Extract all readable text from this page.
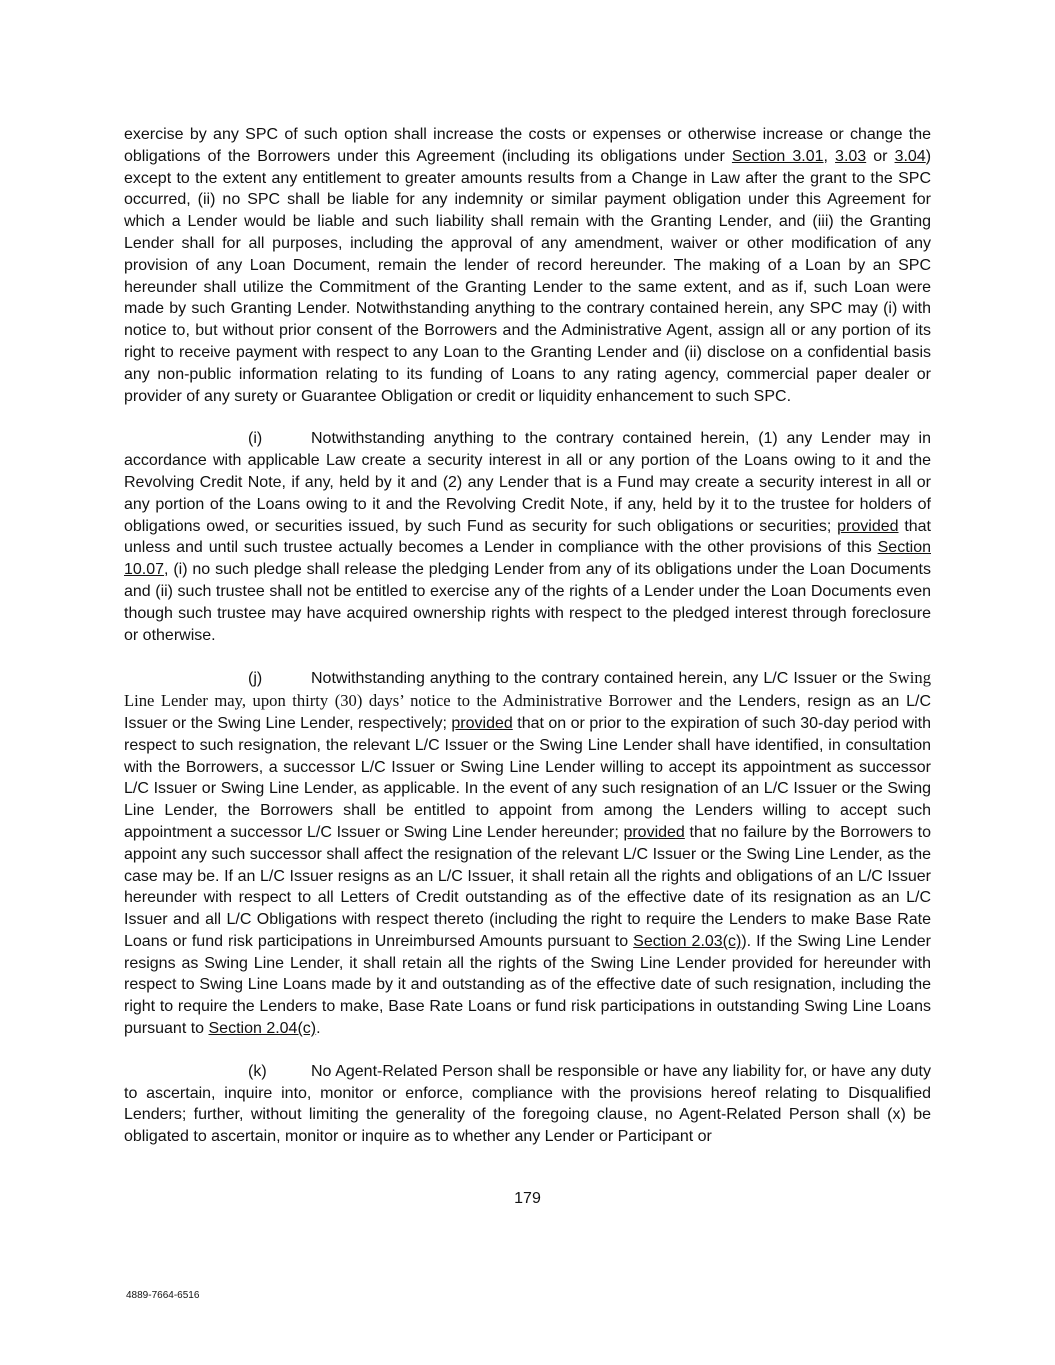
exercise by any SPC of such option shall increase the costs or expenses or otherwise increase or change the obligations of the Borrowers under this Agreement (including its obligations under Section 3.01, 3.03 or 3.04) except to the extent any entitlement to greater amounts results from a Change in Law after the grant to the SPC occurred, (ii) no SPC shall be liable for any indemnity or similar payment obligation under this Agreement for which a Lender would be liable and such liability shall remain with the Granting Lender, and (iii) the Granting Lender shall for all purposes, including the approval of any amendment, waiver or other modification of any provision of any Loan Document, remain the lender of record hereunder. The making of a Loan by an SPC hereunder shall utilize the Commitment of the Granting Lender to the same extent, and as if, such Loan were made by such Granting Lender. Notwithstanding anything to the contrary contained herein, any SPC may (i) with notice to, but without prior consent of the Borrowers and the Administrative Agent, assign all or any portion of its right to receive payment with respect to any Loan to the Granting Lender and (ii) disclose on a confidential basis any non-public information relating to its funding of Loans to any rating agency, commercial paper dealer or provider of any surety or Guarantee Obligation or credit or liquidity enhancement to such SPC.

(i)	Notwithstanding anything to the contrary contained herein, (1) any Lender may in accordance with applicable Law create a security interest in all or any portion of the Loans owing to it and the Revolving Credit Note, if any, held by it and (2) any Lender that is a Fund may create a security interest in all or any portion of the Loans owing to it and the Revolving Credit Note, if any, held by it to the trustee for holders of obligations owed, or securities issued, by such Fund as security for such obligations or securities; provided that unless and until such trustee actually becomes a Lender in compliance with the other provisions of this Section 10.07, (i) no such pledge shall release the pledging Lender from any of its obligations under the Loan Documents and (ii) such trustee shall not be entitled to exercise any of the rights of a Lender under the Loan Documents even though such trustee may have acquired ownership rights with respect to the pledged interest through foreclosure or otherwise.

(j)	Notwithstanding anything to the contrary contained herein, any L/C Issuer or the Swing Line Lender may, upon thirty (30) days’ notice to the Administrative Borrower and the Lenders, resign as an L/C Issuer or the Swing Line Lender, respectively; provided that on or prior to the expiration of such 30-day period with respect to such resignation, the relevant L/C Issuer or the Swing Line Lender shall have identified, in consultation with the Borrowers, a successor L/C Issuer or Swing Line Lender willing to accept its appointment as successor L/C Issuer or Swing Line Lender, as applicable. In the event of any such resignation of an L/C Issuer or the Swing Line Lender, the Borrowers shall be entitled to appoint from among the Lenders willing to accept such appointment a successor L/C Issuer or Swing Line Lender hereunder; provided that no failure by the Borrowers to appoint any such successor shall affect the resignation of the relevant L/C Issuer or the Swing Line Lender, as the case may be. If an L/C Issuer resigns as an L/C Issuer, it shall retain all the rights and obligations of an L/C Issuer hereunder with respect to all Letters of Credit outstanding as of the effective date of its resignation as an L/C Issuer and all L/C Obligations with respect thereto (including the right to require the Lenders to make Base Rate Loans or fund risk participations in Unreimbursed Amounts pursuant to Section 2.03(c)). If the Swing Line Lender resigns as Swing Line Lender, it shall retain all the rights of the Swing Line Lender provided for hereunder with respect to Swing Line Loans made by it and outstanding as of the effective date of such resignation, including the right to require the Lenders to make, Base Rate Loans or fund risk participations in outstanding Swing Line Loans pursuant to Section 2.04(c).

(k)	No Agent-Related Person shall be responsible or have any liability for, or have any duty to ascertain, inquire into, monitor or enforce, compliance with the provisions hereof relating to Disqualified Lenders; further, without limiting the generality of the foregoing clause, no Agent-Related Person shall (x) be obligated to ascertain, monitor or inquire as to whether any Lender or Participant or

179
4889-7664-6516
